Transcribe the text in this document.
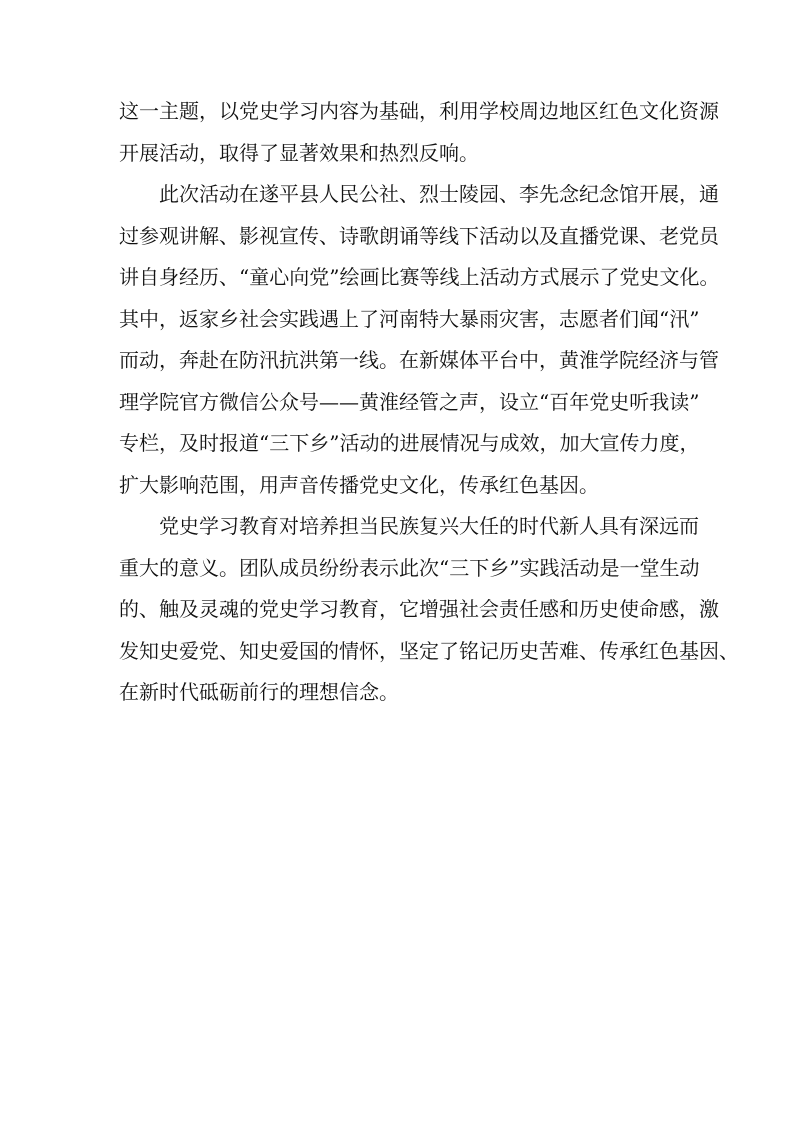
这一主题，以党史学习内容为基础，利用学校周边地区红色文化资源
开展活动，取得了显著效果和热烈反响。
此次活动在遂平县人民公社、烈士陵园、李先念纪念馆开展，通
过参观讲解、影视宣传、诗歌朗诵等线下活动以及直播党课、老党员
讲自身经历、“童心向党”绘画比赛等线上活动方式展示了党史文化。
其中，返家乡社会实践遇上了河南特大暴雨灾害，志愿者们闻“汛”
而动，奔赴在防汛抗洪第一线。在新媒体平台中，黄淮学院经济与管
理学院官方微信公众号——黄淮经管之声，设立“百年党史听我读”
专栏，及时报道“三下乡”活动的进展情况与成效，加大宣传力度，
扩大影响范围，用声音传播党史文化，传承红色基因。
党史学习教育对培养担当民族复兴大任的时代新人具有深远而
重大的意义。团队成员纷纷表示此次“三下乡”实践活动是一堂生动
的、触及灵魂的党史学习教育，它增强社会责任感和历史使命感，激
发知史爱党、知史爱国的情怀，坚定了铭记历史苦难、传承红色基因、
在新时代砥砺前行的理想信念。
